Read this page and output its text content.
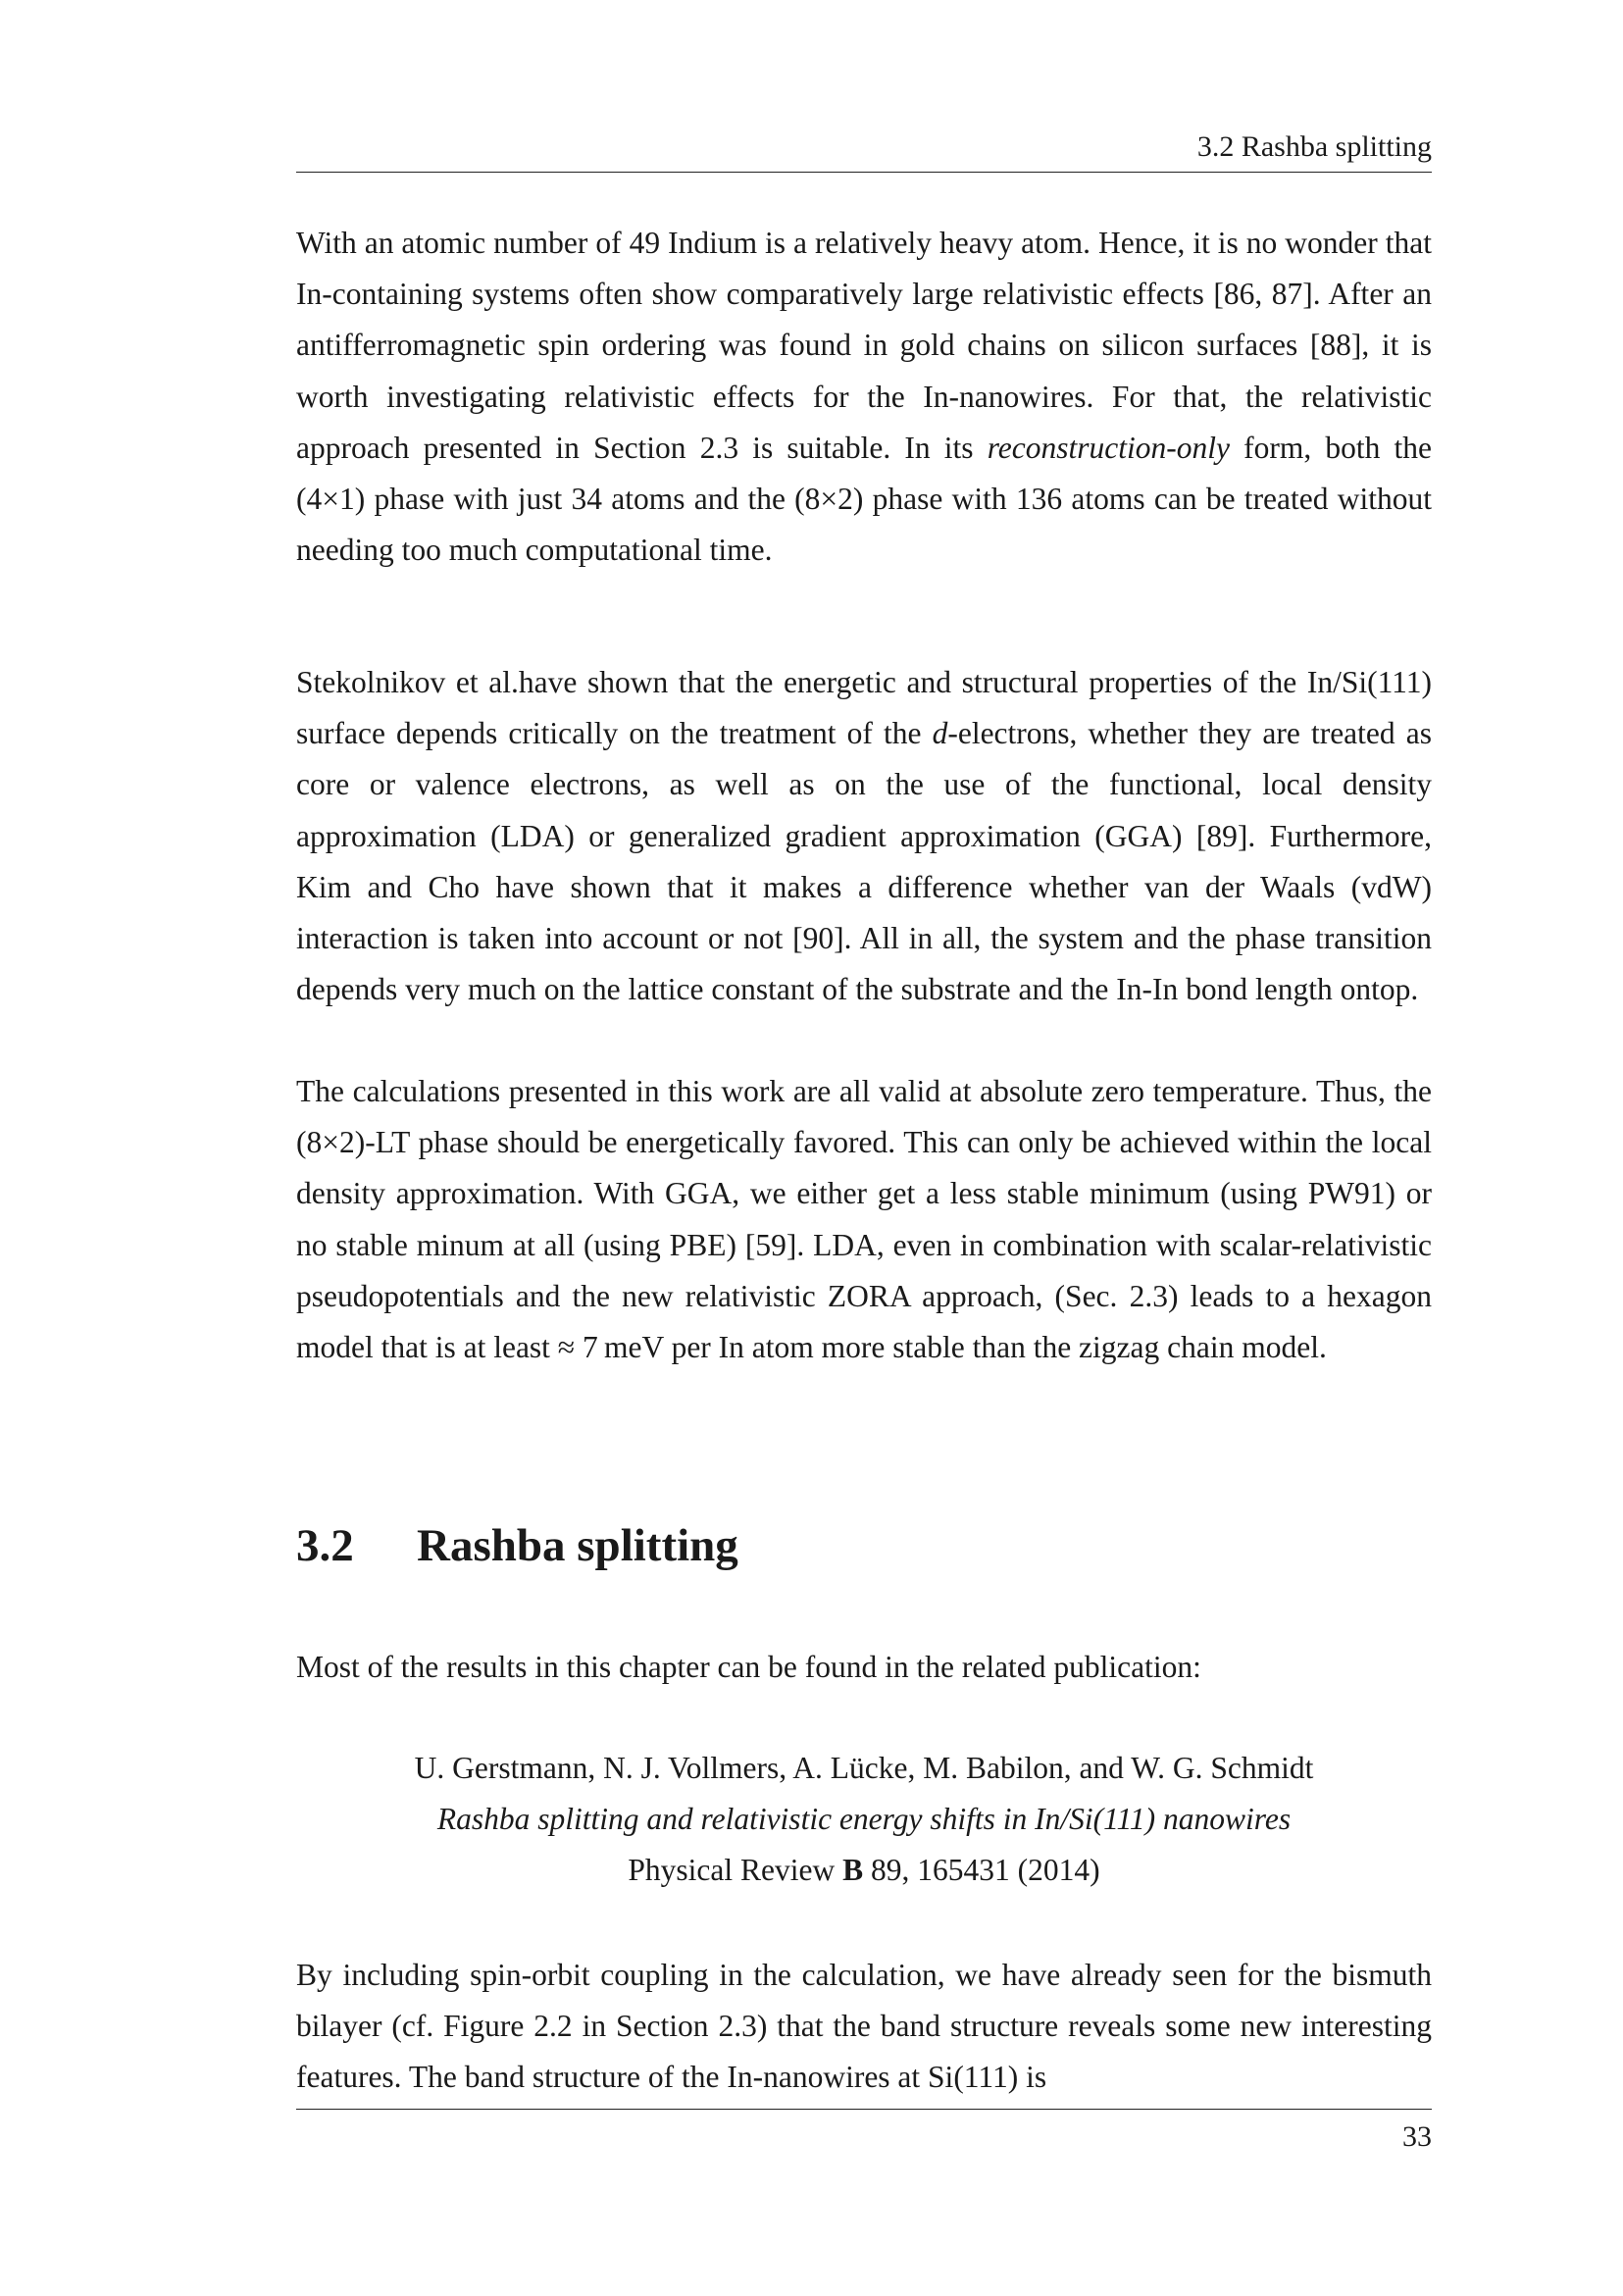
3.2 Rashba splitting

With an atomic number of 49 Indium is a relatively heavy atom. Hence, it is no wonder that In-containing systems often show comparatively large relativistic effects [86, 87]. After an antifferromagnetic spin ordering was found in gold chains on silicon surfaces [88], it is worth investigating relativistic effects for the In-nanowires. For that, the relativistic approach presented in Section 2.3 is suitable. In its reconstruction-only form, both the (4×1) phase with just 34 atoms and the (8×2) phase with 136 atoms can be treated without needing too much computational time.

Stekolnikov et al.have shown that the energetic and structural properties of the In/Si(111) surface depends critically on the treatment of the d-electrons, whether they are treated as core or valence electrons, as well as on the use of the functional, local density approximation (LDA) or generalized gradient approximation (GGA) [89]. Furthermore, Kim and Cho have shown that it makes a difference whether van der Waals (vdW) interaction is taken into account or not [90]. All in all, the system and the phase transition depends very much on the lattice constant of the substrate and the In-In bond length ontop.

The calculations presented in this work are all valid at absolute zero temperature. Thus, the (8×2)-LT phase should be energetically favored. This can only be achieved within the local density approximation. With GGA, we either get a less stable minimum (using PW91) or no stable minum at all (using PBE) [59]. LDA, even in combination with scalar-relativistic pseudopotentials and the new relativistic ZORA approach, (Sec. 2.3) leads to a hexagon model that is at least ≈ 7 meV per In atom more stable than the zigzag chain model.

3.2 Rashba splitting

Most of the results in this chapter can be found in the related publication:

U. Gerstmann, N. J. Vollmers, A. Lücke, M. Babilon, and W. G. Schmidt
Rashba splitting and relativistic energy shifts in In/Si(111) nanowires
Physical Review B 89, 165431 (2014)

By including spin-orbit coupling in the calculation, we have already seen for the bismuth bilayer (cf. Figure 2.2 in Section 2.3) that the band structure reveals some new interesting features. The band structure of the In-nanowires at Si(111) is

33
